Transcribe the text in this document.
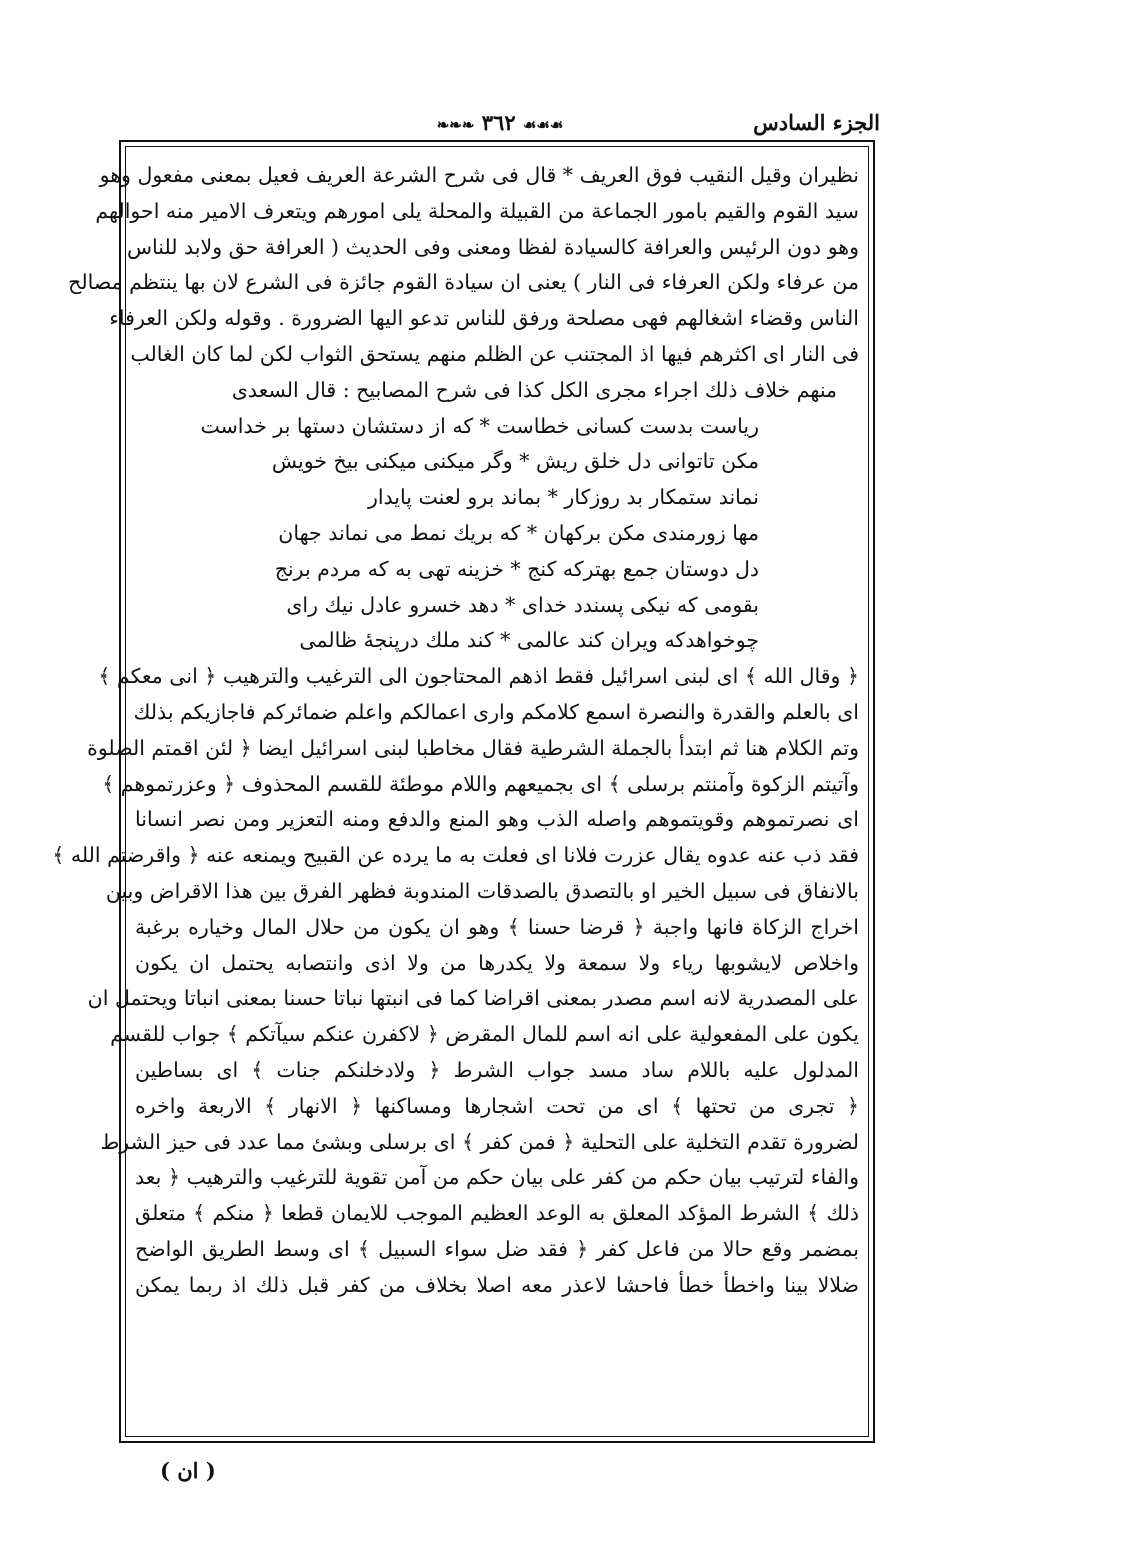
الجزء السادس
☙☙☙ ٣٦٢ ❧❧❧
نظيران وقيل النقيب فوق العريف * قال فى شرح الشرعة العريف فعيل بمعنى مفعول وهو
سيد القوم والقيم بامور الجماعة من القبيلة والمحلة يلى امورهم ويتعرف الامير منه احوالهم
وهو دون الرئيس والعرافة كالسيادة لفظا ومعنى وفى الحديث ( العرافة حق ولابد للناس
من عرفاء ولكن العرفاء فى النار ) يعنى ان سيادة القوم جائزة فى الشرع لان بها ينتظم مصالح
الناس وقضاء اشغالهم فهى مصلحة ورفق للناس تدعو اليها الضرورة . وقوله ولكن العرفاء
فى النار اى اكثرهم فيها اذ المجتنب عن الظلم منهم يستحق الثواب لكن لما كان الغالب
منهم خلاف ذلك اجراء مجرى الكل كذا فى شرح المصابيح : قال السعدى
رياست بدست كسانى خطاست * كه از دستشان دستها بر خداست
مكن تاتوانى دل خلق ريش * وگر ميكنى ميكنى بيخ خويش
نماند ستمكار بد روزكار * بماند برو لعنت پايدار
مها زورمندى مكن بركهان * كه بريك نمط مى نماند جهان
دل دوستان جمع بهتركه كنج * خزينه تهى به كه مردم برنج
بقومى كه نيكى پسندد خداى * دهد خسرو عادل نيك راى
چوخواهدكه ويران كند عالمى * كند ملك درپنجهٔ ظالمى
﴿ وقال الله ﴾ اى لبنى اسرائيل فقط اذهم المحتاجون الى الترغيب والترهيب ﴿ انى معكم ﴾
اى بالعلم والقدرة والنصرة اسمع كلامكم وارى اعمالكم واعلم ضمائركم فاجازيكم بذلك
وتم الكلام هنا ثم ابتدأ بالجملة الشرطية فقال مخاطبا لبنى اسرائيل ايضا ﴿ لئن اقمتم الصلوة
وآتيتم الزكوة وآمنتم برسلى ﴾ اى بجميعهم واللام موطئة للقسم المحذوف ﴿ وعزرتموهم ﴾
اى نصرتموهم وقويتموهم واصله الذب وهو المنع والدفع ومنه التعزير ومن نصر انسانا
فقد ذب عنه عدوه يقال عزرت فلانا اى فعلت به ما يرده عن القبيح ويمنعه عنه ﴿ واقرضتم الله ﴾
بالانفاق فى سبيل الخير او بالتصدق بالصدقات المندوبة فظهر الفرق بين هذا الاقراض وبين
اخراج الزكاة فانها واجبة ﴿ قرضا حسنا ﴾ وهو ان يكون من حلال المال وخياره برغبة
واخلاص لايشوبها رياء ولا سمعة ولا يكدرها من ولا اذى وانتصابه يحتمل ان يكون
على المصدرية لانه اسم مصدر بمعنى اقراضا كما فى انبتها نباتا حسنا بمعنى انباتا ويحتمل ان
يكون على المفعولية على انه اسم للمال المقرض ﴿ لاكفرن عنكم سيآتكم ﴾ جواب للقسم
المدلول عليه باللام ساد مسد جواب الشرط ﴿ ولادخلنكم جنات ﴾ اى بساطين
﴿ تجرى من تحتها ﴾ اى من تحت اشجارها ومساكنها ﴿ الانهار ﴾ الاربعة واخره
لضرورة تقدم التخلية على التحلية ﴿ فمن كفر ﴾ اى برسلى وبشئ مما عدد فى حيز الشرط
والفاء لترتيب بيان حكم من كفر على بيان حكم من آمن تقوية للترغيب والترهيب ﴿ بعد
ذلك ﴾ الشرط المؤكد المعلق به الوعد العظيم الموجب للايمان قطعا ﴿ منكم ﴾ متعلق
بمضمر وقع حالا من فاعل كفر ﴿ فقد ضل سواء السبيل ﴾ اى وسط الطريق الواضح
ضلالا بينا واخطأ خطأ فاحشا لاعذر معه اصلا بخلاف من كفر قبل ذلك اذ ربما يمكن
( ان )
